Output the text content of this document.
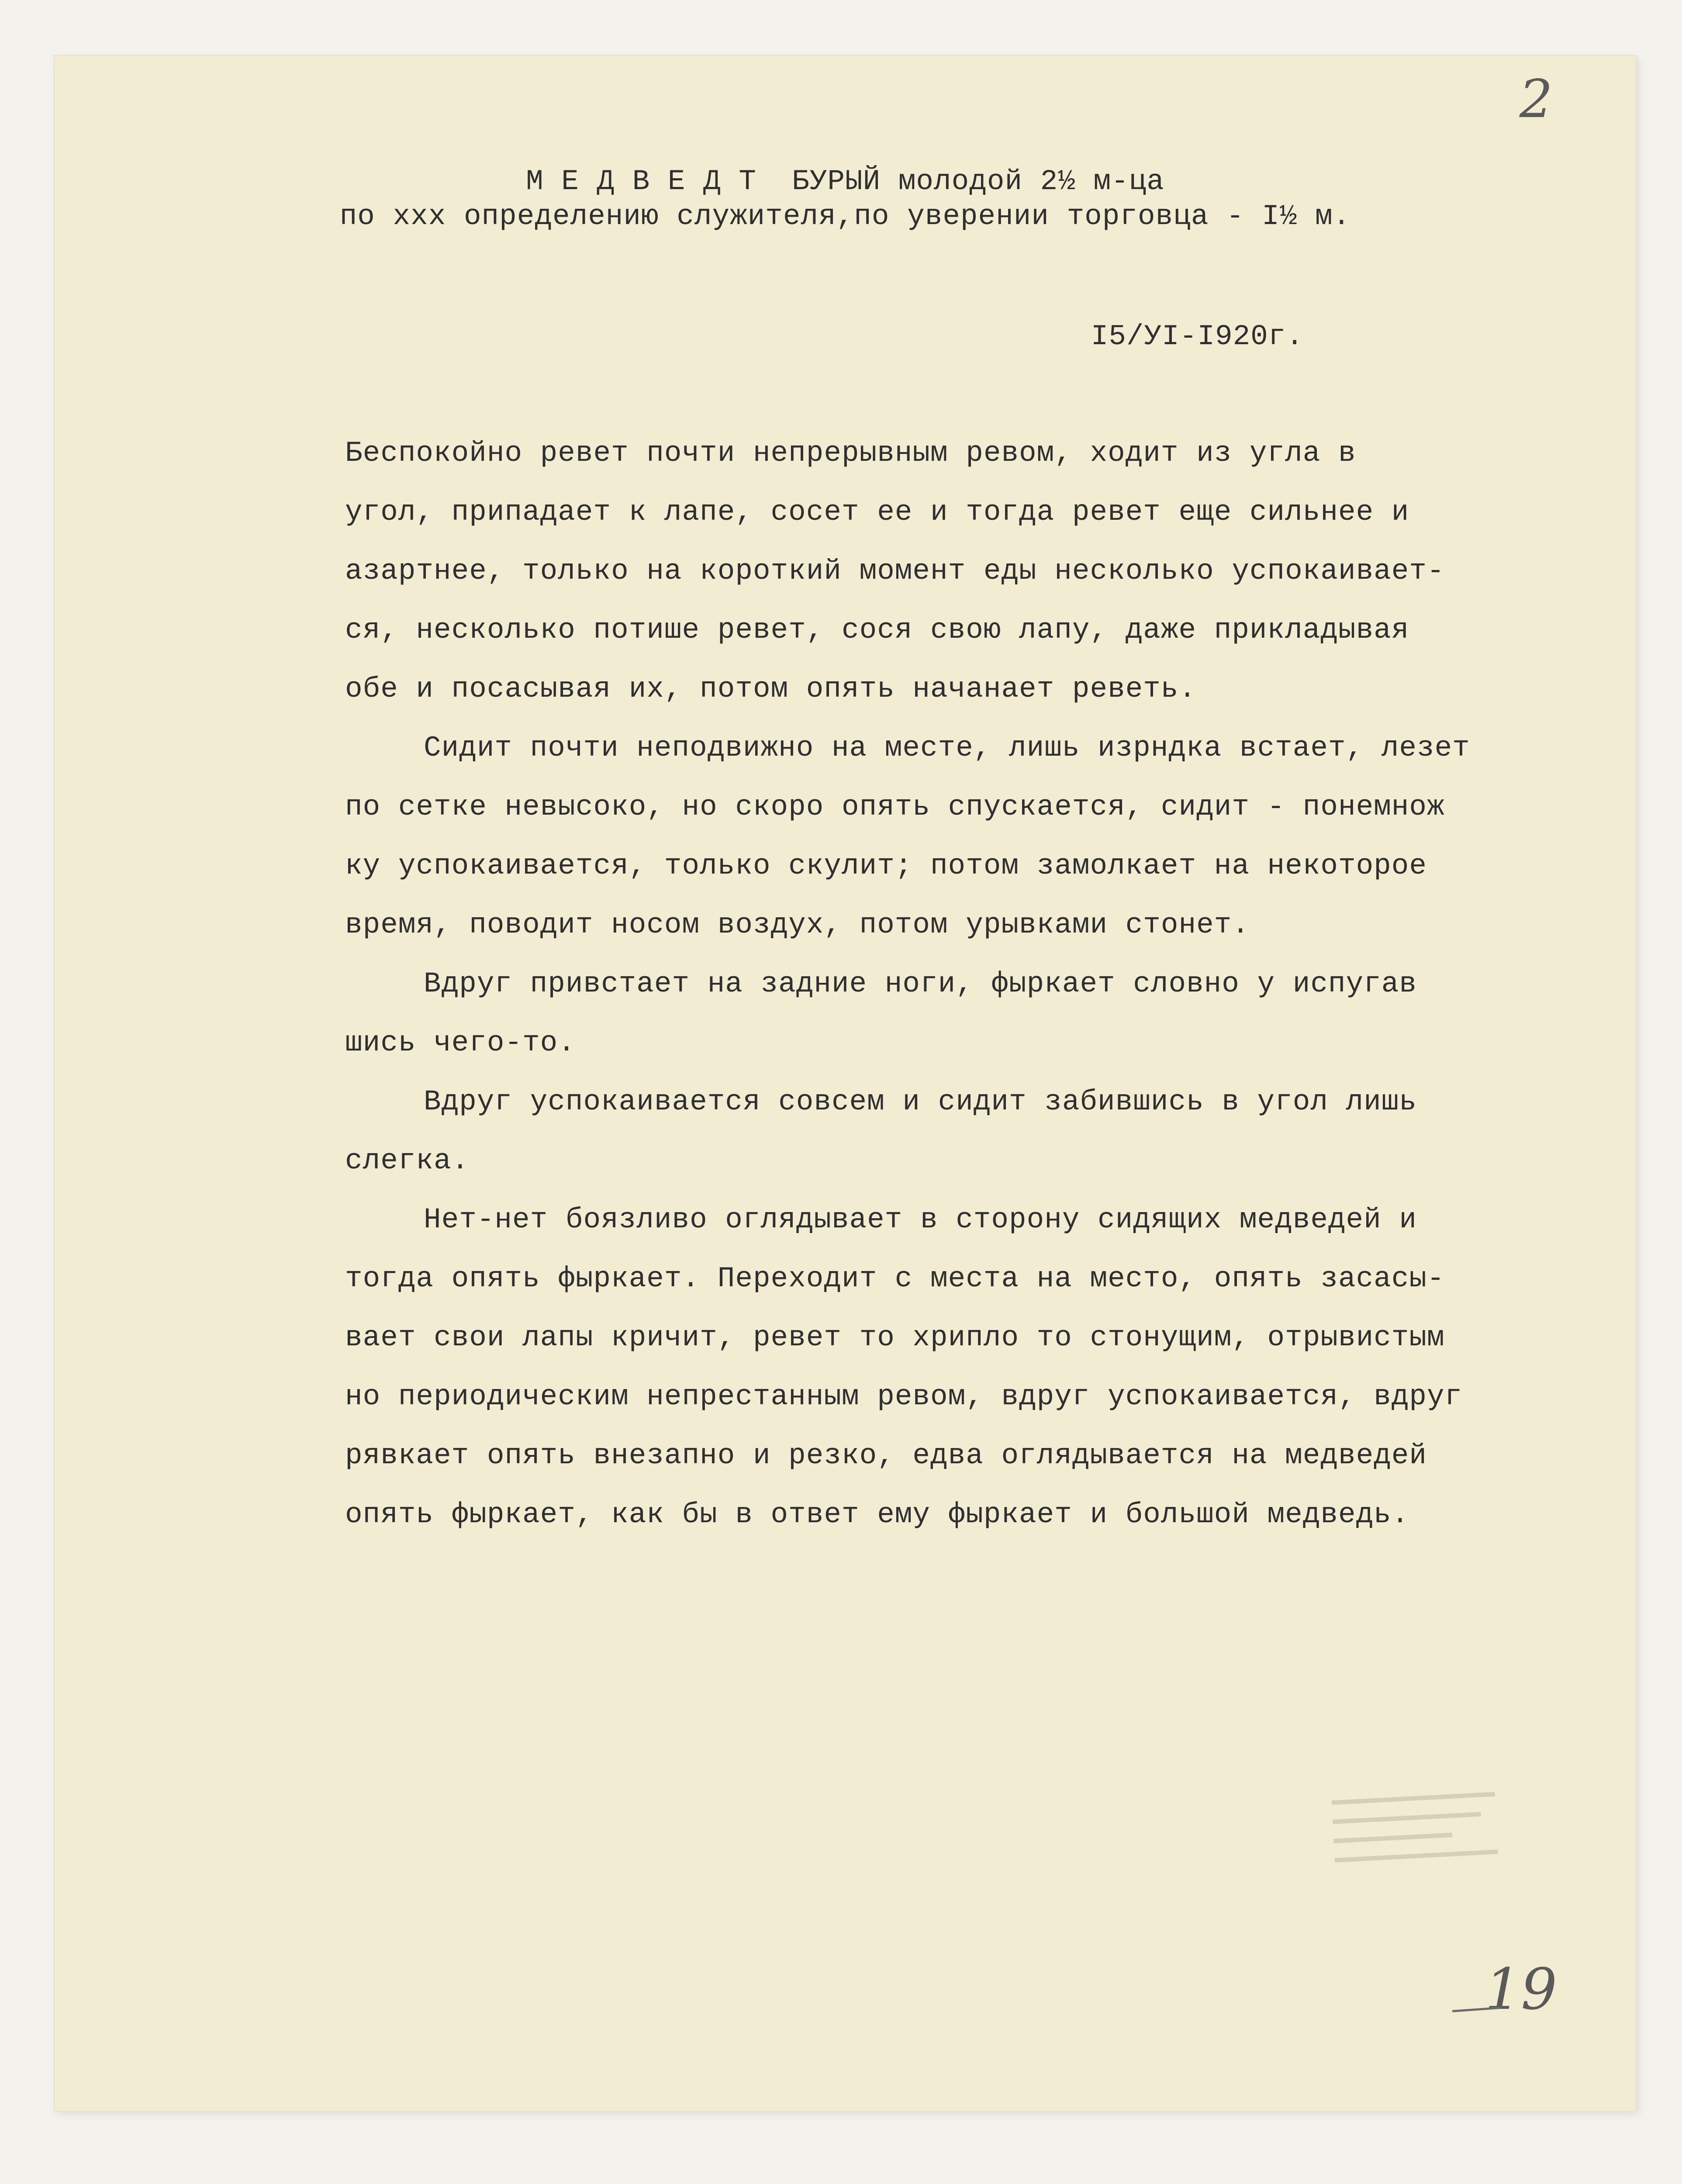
2
М Е Д В Е Д Т  БУРЫЙ молодой 2½ м-ца
по xxx определению служителя,по уверении торговца - I½ м.
I5/УI-I920г.
Беспокойно ревет почти непрерывным ревом, ходит из угла в
угол, припадает к лапе, сосет ее и тогда ревет еще сильнее и
азартнее, только на короткий момент еды несколько успокаивает-
ся, несколько потише ревет, сося свою лапу, даже прикладывая
обе и посасывая их, потом опять начанает реветь.
Сидит почти неподвижно на месте, лишь изрндка встает, лезет
по сетке невысоко, но скоро опять спускается, сидит - понемнож
ку успокаивается, только скулит; потом замолкает на некоторое
время, поводит носом воздух, потом урывками стонет.
Вдруг привстает на задние ноги, фыркает словно у испугав
шись чего-то.
Вдруг успокаивается совсем и сидит забившись в угол лишь
слегка.
Нет-нет боязливо оглядывает в сторону сидящих медведей и
тогда опять фыркает. Переходит с места на место, опять засасы-
вает свои лапы кричит, ревет то хрипло то стонущим, отрывистым
но периодическим непрестанным ревом, вдруг успокаивается, вдруг
рявкает опять внезапно и резко, едва оглядывается на медведей
опять фыркает, как бы в ответ ему фыркает и большой медведь.
▬▬▬▬▬▬▬▬▬▬▬
▬▬▬▬▬▬▬▬▬▬
▬▬▬▬▬▬▬▬
▬▬▬▬▬▬▬▬▬▬▬
19
